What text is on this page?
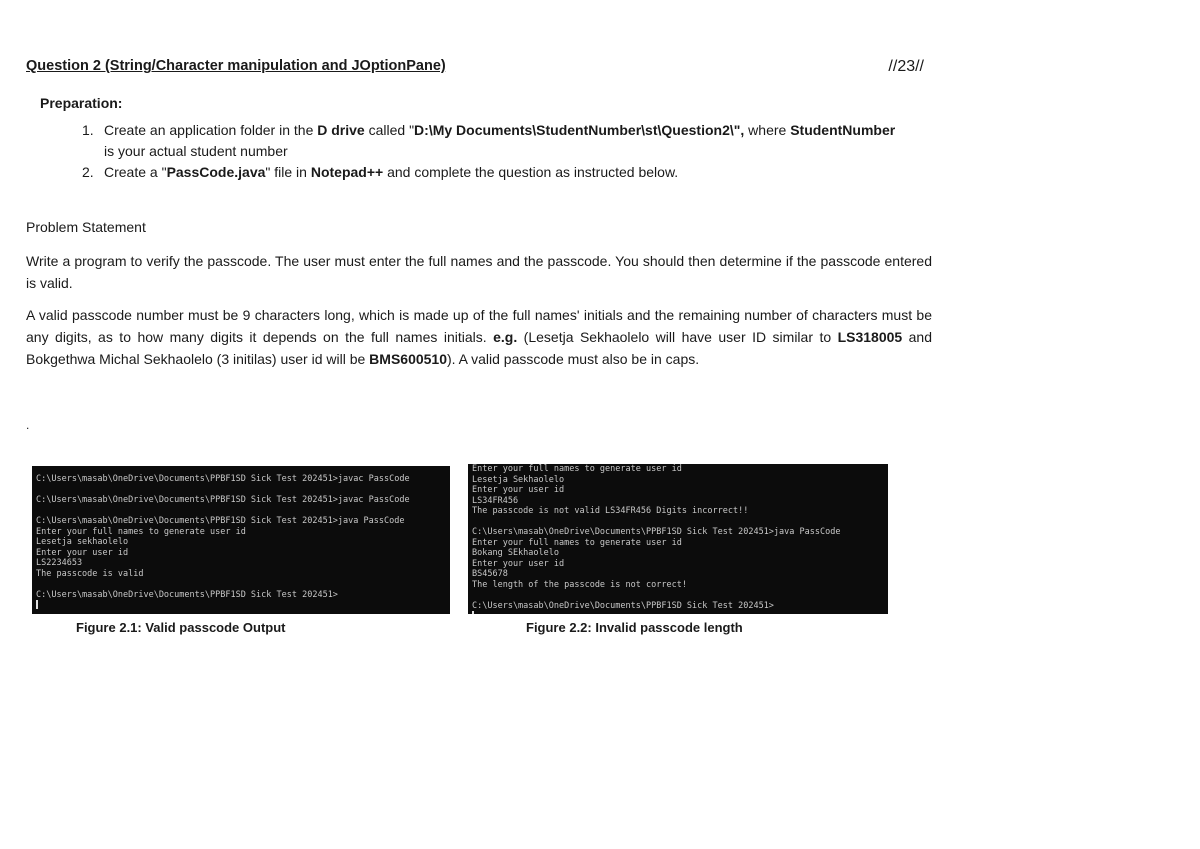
Question 2 (String/Character manipulation and JOptionPane)	//23//
Preparation:
1. Create an application folder in the D drive called "D:\My Documents\StudentNumber\st\Question2\", where StudentNumber is your actual student number
2. Create a "PassCode.java" file in Notepad++ and complete the question as instructed below.
Problem Statement

Write a program to verify the passcode. The user must enter the full names and the passcode. You should then determine if the passcode entered is valid.

A valid passcode number must be 9 characters long, which is made up of the full names' initials and the remaining number of characters must be any digits, as to how many digits it depends on the full names initials. e.g. (Lesetja Sekhaolelo will have user ID similar to LS318005 and Bokgethwa Michal Sekhaolelo (3 initilas) user id will be BMS600510). A valid passcode must also be in caps.

.
C:\Users\masab\OneDrive\Documents\PPBF1SD Sick Test 202451>javac PassCode
C:\Users\masab\OneDrive\Documents\PPBF1SD Sick Test 202451>javac PassCode
C:\Users\masab\OneDrive\Documents\PPBF1SD Sick Test 202451>java PassCode
Enter your full names to generate user id
Lesetja sekhaolelo
Enter your user id
LS2234653
The passcode is valid
C:\Users\masab\OneDrive\Documents\PPBF1SD Sick Test 202451>
Enter your full names to generate user id
Lesetja Sekhaolelo
Enter your user id
LS34FR456
The passcode is not valid LS34FR456 Digits incorrect!!
C:\Users\masab\OneDrive\Documents\PPBF1SD Sick Test 202451>java PassCode
Enter your full names to generate user id
Bokang SEkhaolelo
Enter your user id
BS45678
The length of the passcode is not correct!
C:\Users\masab\OneDrive\Documents\PPBF1SD Sick Test 202451>
Figure 2.1: Valid passcode Output	Figure 2.2: Invalid passcode length
